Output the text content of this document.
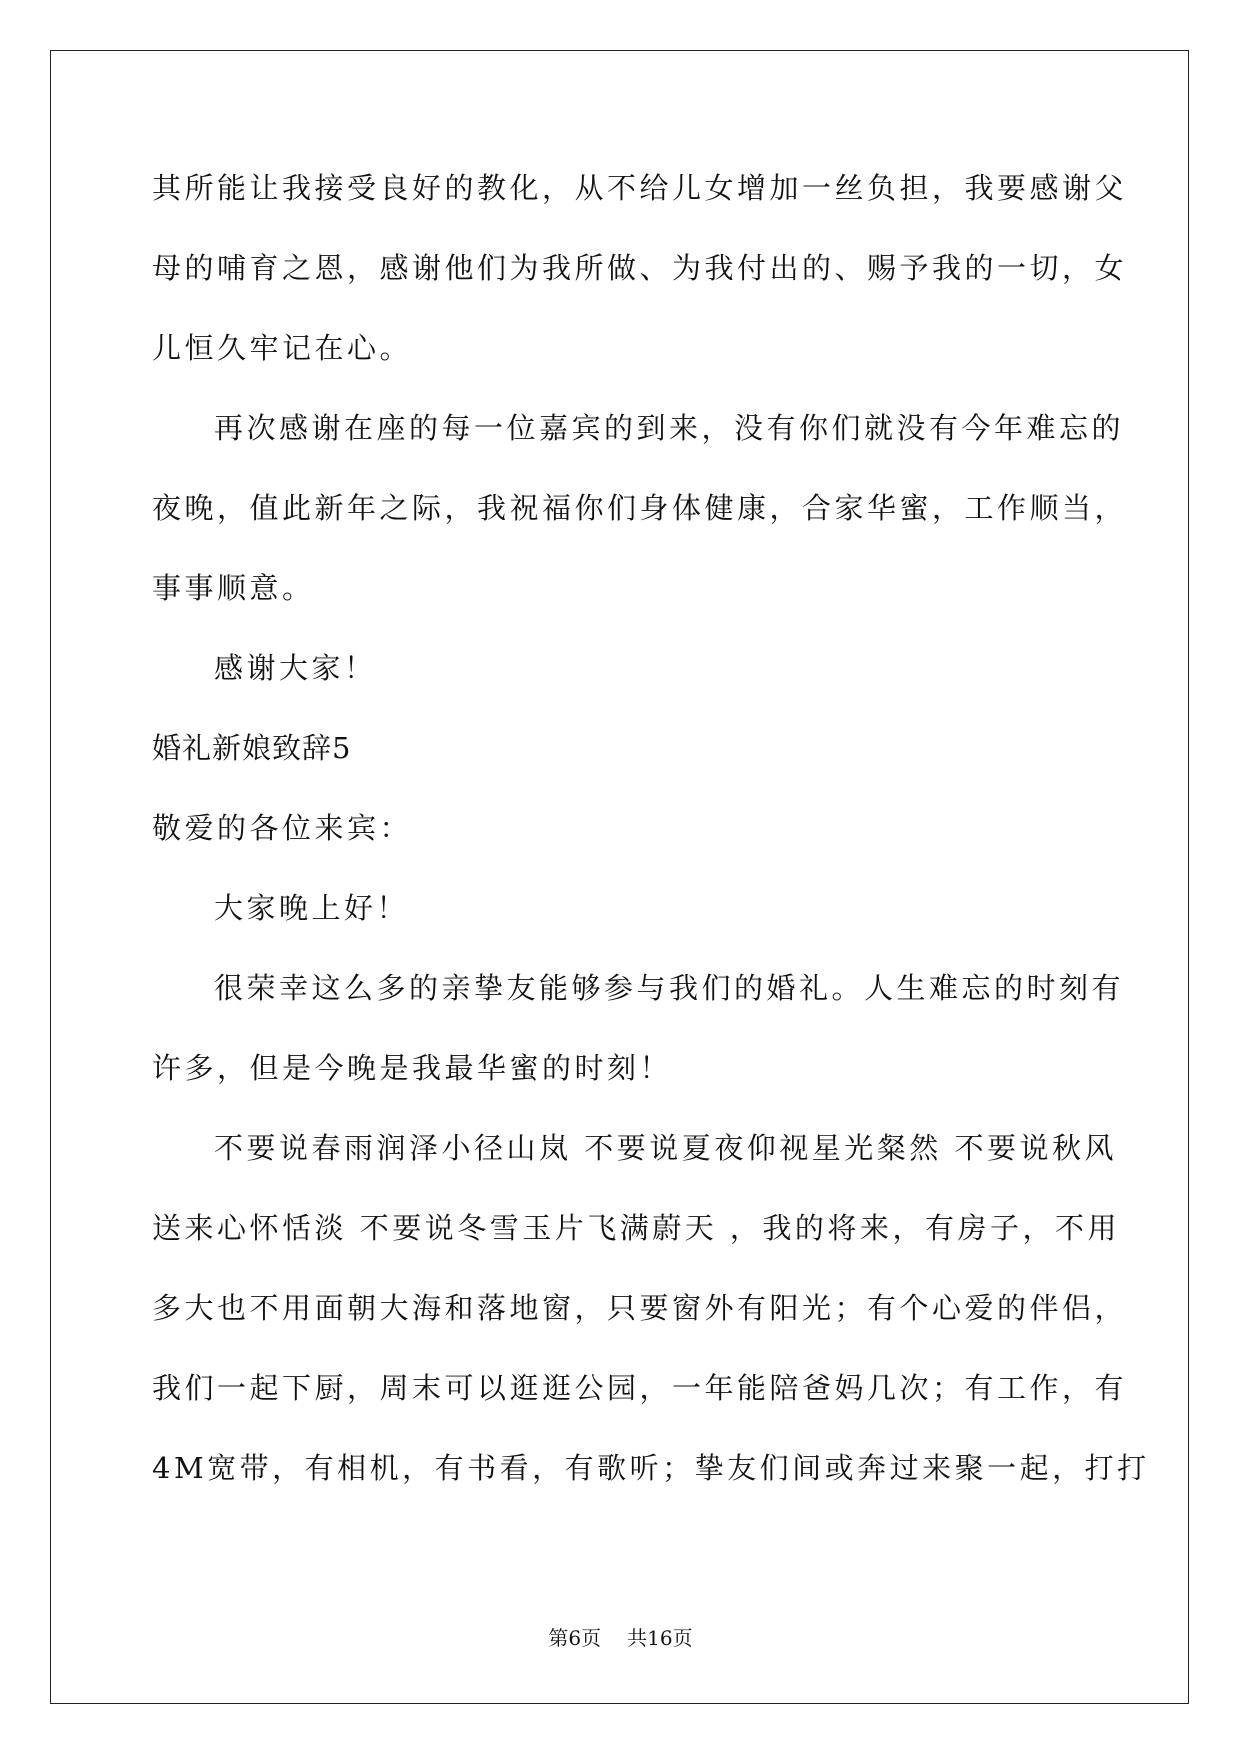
其所能让我接受良好的教化，从不给儿女增加一丝负担，我要感谢父

母的哺育之恩，感谢他们为我所做、为我付出的、赐予我的一切，女

儿恒久牢记在心。

再次感谢在座的每一位嘉宾的到来，没有你们就没有今年难忘的

夜晚，值此新年之际，我祝福你们身体健康，合家华蜜，工作顺当，

事事顺意。

感谢大家！

婚礼新娘致辞5

敬爱的各位来宾：

大家晚上好！

很荣幸这么多的亲挚友能够参与我们的婚礼。人生难忘的时刻有

许多，但是今晚是我最华蜜的时刻！

不要说春雨润泽小径山岚 不要说夏夜仰视星光粲然 不要说秋风

送来心怀恬淡 不要说冬雪玉片飞满蔚天 ，我的将来，有房子，不用

多大也不用面朝大海和落地窗，只要窗外有阳光；有个心爱的伴侣，

我们一起下厨，周末可以逛逛公园，一年能陪爸妈几次；有工作，有

4M宽带，有相机，有书看，有歌听；挚友们间或奔过来聚一起，打打

第6页 共16页
